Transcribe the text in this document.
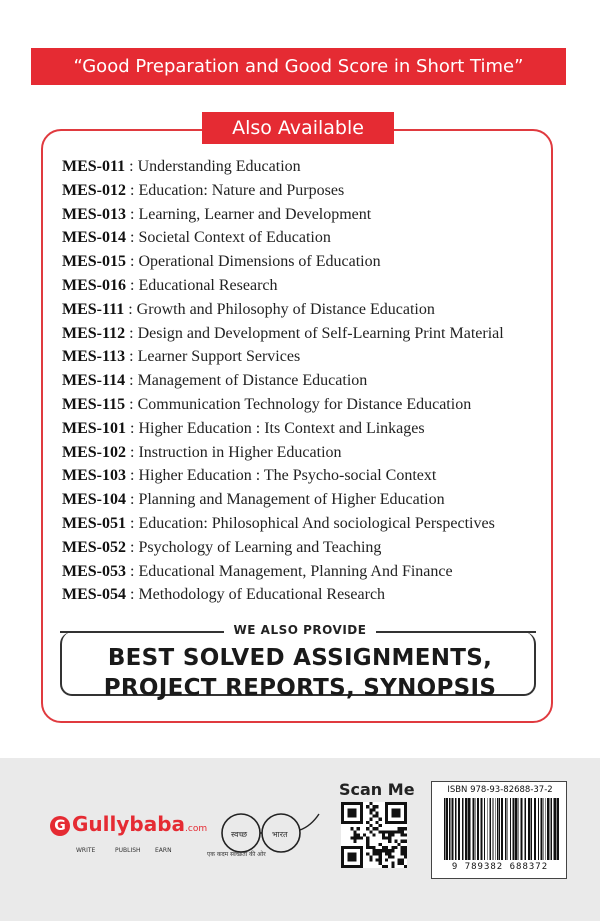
“Good Preparation and Good Score in Short Time”
Also Available
MES-011 : Understanding Education
MES-012 : Education: Nature and Purposes
MES-013 : Learning, Learner and Development
MES-014 : Societal Context of Education
MES-015 : Operational Dimensions of Education
MES-016 : Educational Research
MES-111 : Growth and Philosophy of Distance Education
MES-112 : Design and Development of Self-Learning Print Material
MES-113 : Learner Support Services
MES-114 : Management of Distance Education
MES-115 : Communication Technology for Distance Education
MES-101 : Higher Education : Its Context and Linkages
MES-102 : Instruction in Higher Education
MES-103 : Higher Education : The Psycho-social Context
MES-104 : Planning and Management of Higher Education
MES-051 : Education: Philosophical And sociological Perspectives
MES-052 : Psychology of Learning and Teaching
MES-053 : Educational Management, Planning And Finance
MES-054 : Methodology of Educational Research
WE ALSO PROVIDE
BEST SOLVED ASSIGNMENTS,
PROJECT REPORTS, SYNOPSIS
G Gullybaba.com
WRITE	PUBLISH EARN
स्वच्छ	भारत
एक कदम स्वच्छता की ओर
Scan Me	ISBN 978-93-82688-37-2
9 789382 688372
